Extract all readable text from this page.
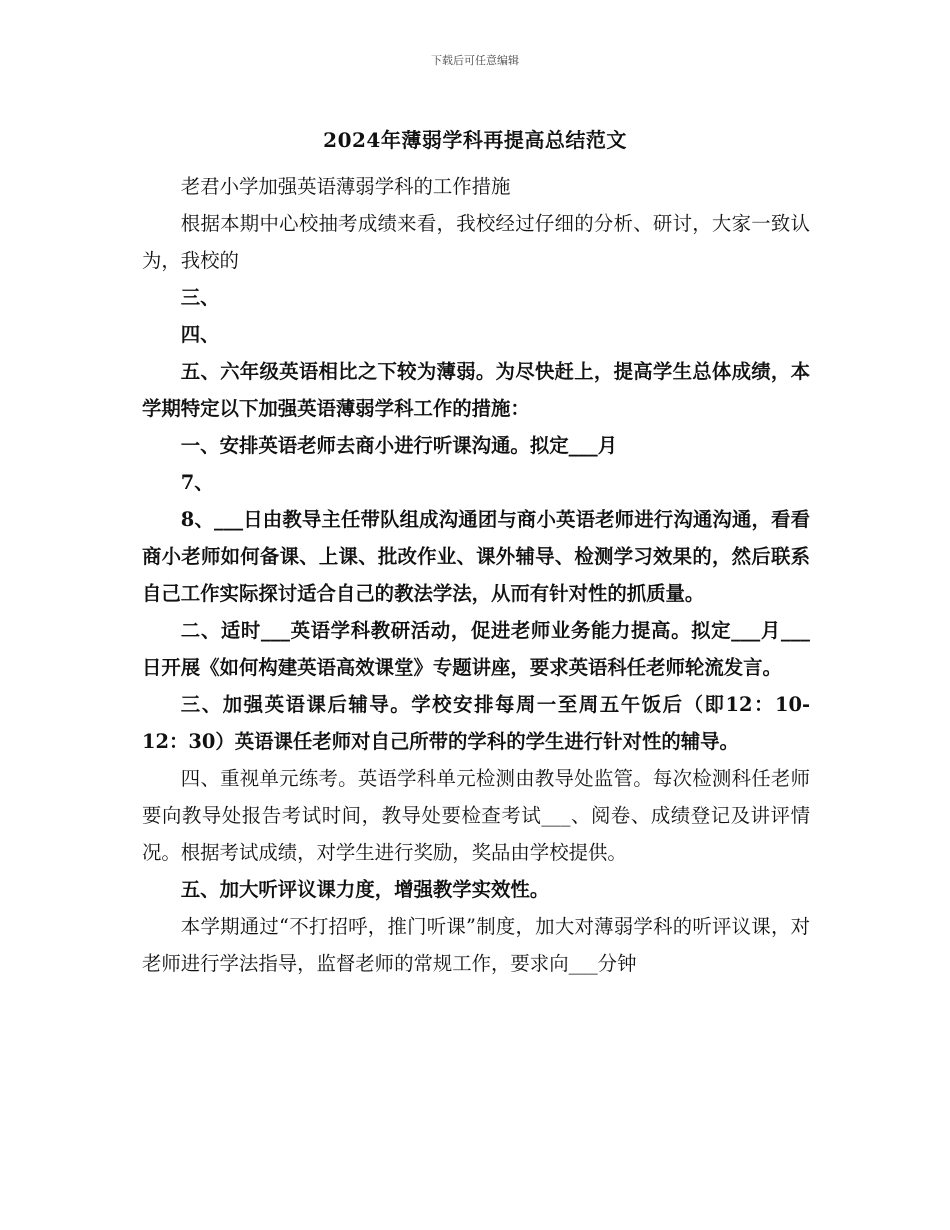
下载后可任意编辑
2024年薄弱学科再提高总结范文

老君小学加强英语薄弱学科的工作措施

根据本期中心校抽考成绩来看，我校经过仔细的分析、研讨，大家一致认为，我校的

三、

四、

五、六年级英语相比之下较为薄弱。为尽快赶上，提高学生总体成绩，本学期特定以下加强英语薄弱学科工作的措施：

一、安排英语老师去商小进行听课沟通。拟定___月

7、

8、___日由教导主任带队组成沟通团与商小英语老师进行沟通沟通，看看商小老师如何备课、上课、批改作业、课外辅导、检测学习效果的，然后联系自己工作实际探讨适合自己的教法学法，从而有针对性的抓质量。

二、适时___英语学科教研活动，促进老师业务能力提高。拟定___月___日开展《如何构建英语高效课堂》专题讲座，要求英语科任老师轮流发言。

三、加强英语课后辅导。学校安排每周一至周五午饭后（即12：10-12：30）英语课任老师对自己所带的学科的学生进行针对性的辅导。

四、重视单元练考。英语学科单元检测由教导处监管。每次检测科任老师要向教导处报告考试时间，教导处要检查考试___、阅卷、成绩登记及讲评情况。根据考试成绩，对学生进行奖励，奖品由学校提供。

五、加大听评议课力度，增强教学实效性。

本学期通过“不打招呼，推门听课”制度，加大对薄弱学科的听评议课，对老师进行学法指导，监督老师的常规工作，要求向___分钟
